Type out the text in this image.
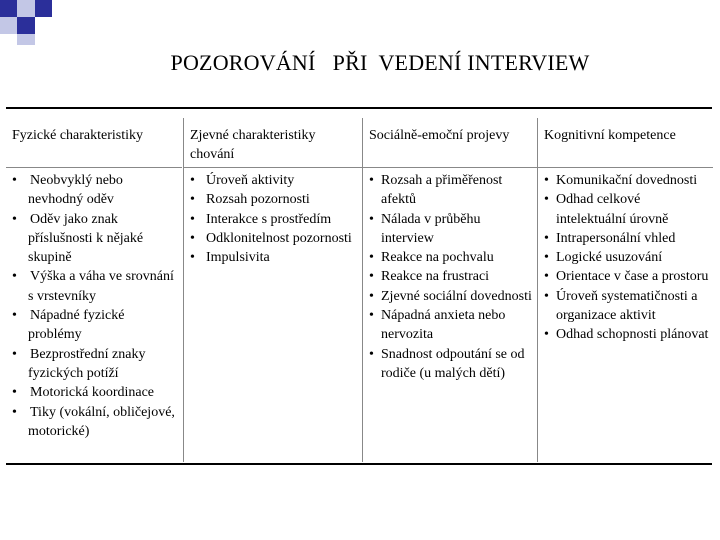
POZOROVÁNÍ   PŘI  VEDENÍ INTERVIEW
Fyzické charakteristiky
• Neobvyklý nebo nevhodný oděv
• Oděv jako znak příslušnosti k nějaké skupině
• Výška a váha ve srovnání s vrstevníky
• Nápadné fyzické problémy
• Bezprostřední znaky fyzických potíží
• Motorická koordinace
• Tiky (vokální, obličejové, motorické)
Zjevné charakteristiky chování
• Úroveň aktivity
• Rozsah pozornosti
• Interakce s prostředím
• Odklonitelnost pozornosti
• Impulsivita
Sociálně-emoční projevy
• Rozsah a přiměřenost afektů
• Nálada v průběhu interview
• Reakce na pochvalu
• Reakce na frustraci
• Zjevné sociální dovednosti
• Nápadná anxieta nebo nervozita
• Snadnost odpoutání se od rodiče (u malých dětí)
Kognitivní kompetence
• Komunikační dovednosti
• Odhad celkové intelektuální úrovně
• Intrapersonální vhled
• Logické usuzování
• Orientace v čase a prostoru
• Úroveň systematičnosti a organizace aktivit
• Odhad schopnosti plánovat
